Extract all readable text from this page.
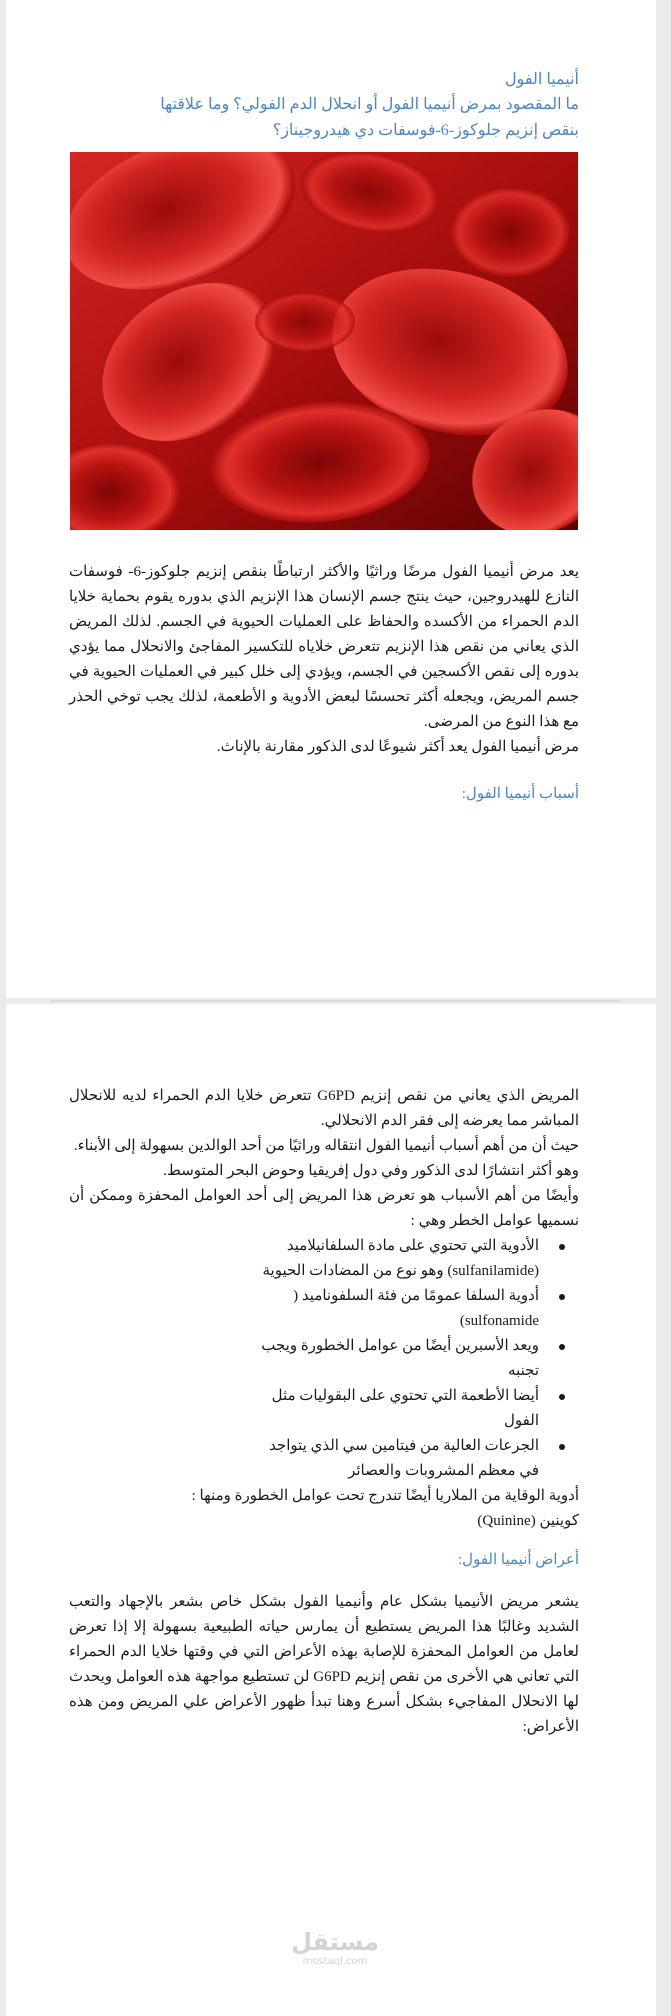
أنيميا الفول

ما المقصود بمرض أنيميا الفول أو انحلال الدم الفولي؟ وما علاقتها

بنقص إنزيم جلوكوز-6-فوسفات دي هيدروجيناز؟

يعد مرض أنيميا الفول مرضًا وراثيًا والأكثر ارتباطًا بنقص إنزيم جلوكوز-6- فوسفات النازع للهيدروجين، حيث ينتج جسم الإنسان هذا الإنزيم الذي بدوره يقوم بحماية خلايا الدم الحمراء من الأكسده والحفاظ على العمليات الحيوية في الجسم. لذلك المريض الذي يعاني من نقص هذا الإنزيم تتعرض خلاياه للتكسير المفاجئ والانحلال مما يؤدي بدوره إلى نقص الأكسجين في الجسم، ويؤدي إلى خلل كبير في العمليات الحيوية في جسم المريض، ويجعله أكثر تحسسًا لبعض الأدوية و الأطعمة، لذلك يجب توخي الحذر مع هذا النوع من المرضى.

مرض أنيميا الفول يعد أكثر شيوعًا لدى الذكور مقارنة بالإناث.

أسباب أنيميا الفول:

المريض الذي يعاني من نقص إنزيم G6PD تتعرض خلايا الدم الحمراء لديه للانحلال المباشر مما يعرضه إلى فقر الدم الانحلالي.

حيث أن من أهم أسباب أنيميا الفول انتقاله وراثيًا من أحد الوالدين بسهولة إلى الأبناء.

وهو أكثر انتشارًا لدى الذكور وفي دول إفريقيا وحوض البحر المتوسط.

وأيضًا من أهم الأسباب هو تعرض هذا المريض إلى أحد العوامل المحفزة وممكن أن نسميها عوامل الخطر وهي :

الأدوية التي تحتوي على مادة السلفانيلاميد (sulfanilamide) وهو نوع من المضادات الحيوية
أدوية السلفا عمومًا من فئة السلفوناميد ( sulfonamide)
ويعد الأسبرين أيضًا من عوامل الخطورة ويجب تجنبه
أيضا الأطعمة التي تحتوي على البقوليات مثل الفول
الجرعات العالية من فيتامين سي الذي يتواجد في معظم المشروبات والعصائر

أدوية الوقاية من الملاريا أيضًا تندرج تحت عوامل الخطورة ومنها :

كوينين (Quinine)

أعراض أنيميا الفول:

يشعر مريض الأنيميا بشكل عام وأنيميا الفول بشكل خاص بشعر بالإجهاد والتعب الشديد وغالبًا هذا المريض يستطيع أن يمارس حياته الطبيعية بسهولة إلا إذا تعرض لعامل من العوامل المحفزة للإصابة بهذه الأعراض التي في وقتها خلايا الدم الحمراء التي تعاني هي الأخرى من نقص إنزيم G6PD لن تستطيع مواجهة هذه العوامل ويحدث لها الانحلال المفاجيء بشكل أسرع وهنا تبدأ ظهور الأعراض علي المريض ومن هذه الأعراض:

مستقل
mostaql.com
